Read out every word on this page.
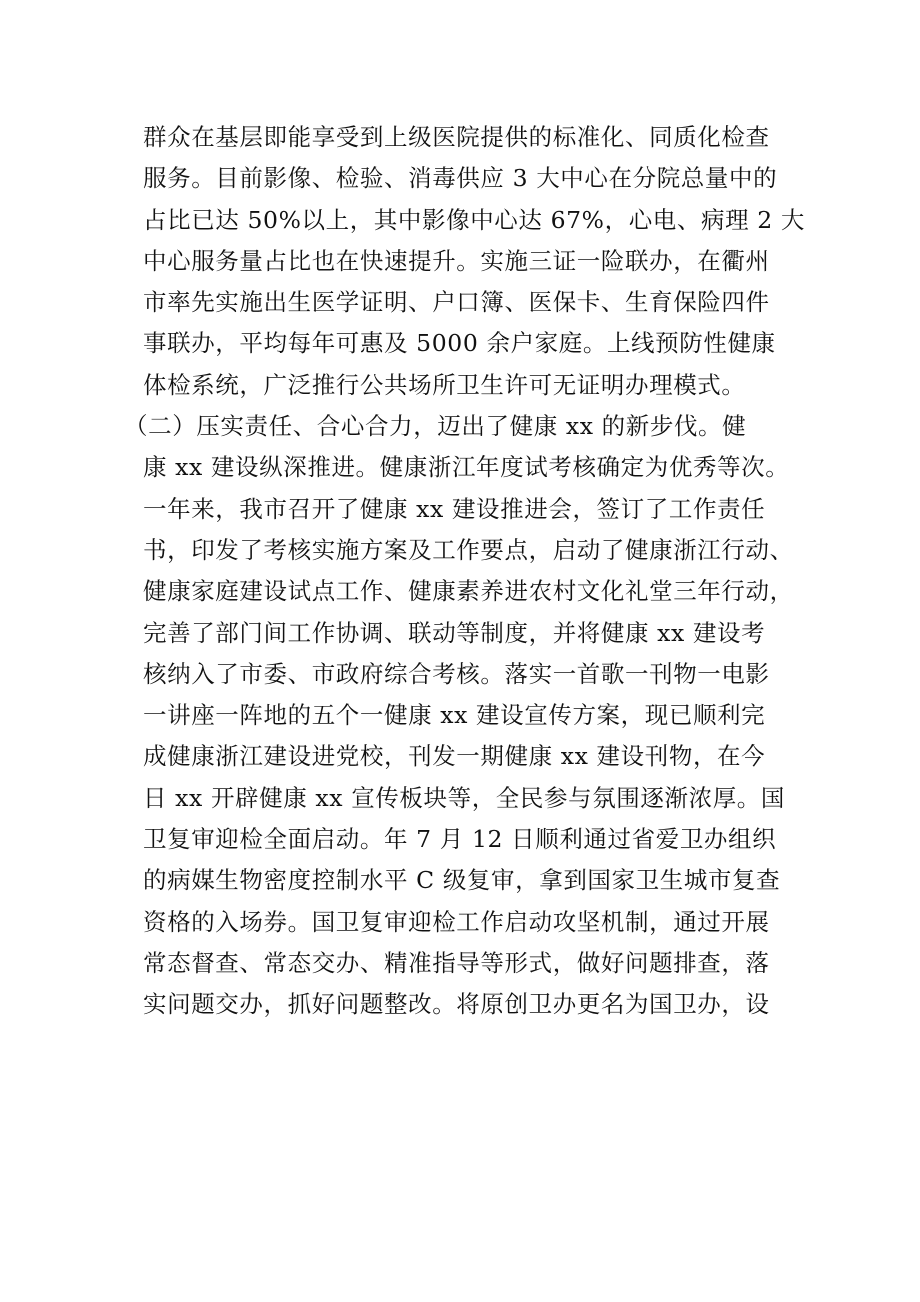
群众在基层即能享受到上级医院提供的标准化、同质化检查
服务。目前影像、检验、消毒供应 3 大中心在分院总量中的
占比已达 50%以上，其中影像中心达 67%，心电、病理 2 大
中心服务量占比也在快速提升。实施三证一险联办，在衢州
市率先实施出生医学证明、户口簿、医保卡、生育保险四件
事联办，平均每年可惠及 5000 余户家庭。上线预防性健康
体检系统，广泛推行公共场所卫生许可无证明办理模式。
（二）压实责任、合心合力，迈出了健康 xx 的新步伐。健
康 xx 建设纵深推进。健康浙江年度试考核确定为优秀等次。
一年来，我市召开了健康 xx 建设推进会，签订了工作责任
书，印发了考核实施方案及工作要点，启动了健康浙江行动、
健康家庭建设试点工作、健康素养进农村文化礼堂三年行动，
完善了部门间工作协调、联动等制度，并将健康 xx 建设考
核纳入了市委、市政府综合考核。落实一首歌一刊物一电影
一讲座一阵地的五个一健康 xx 建设宣传方案，现已顺利完
成健康浙江建设进党校，刊发一期健康 xx 建设刊物，在今
日 xx 开辟健康 xx 宣传板块等，全民参与氛围逐渐浓厚。国
卫复审迎检全面启动。年 7 月 12 日顺利通过省爱卫办组织
的病媒生物密度控制水平 C 级复审，拿到国家卫生城市复查
资格的入场券。国卫复审迎检工作启动攻坚机制，通过开展
常态督查、常态交办、精准指导等形式，做好问题排查，落
实问题交办，抓好问题整改。将原创卫办更名为国卫办，设
